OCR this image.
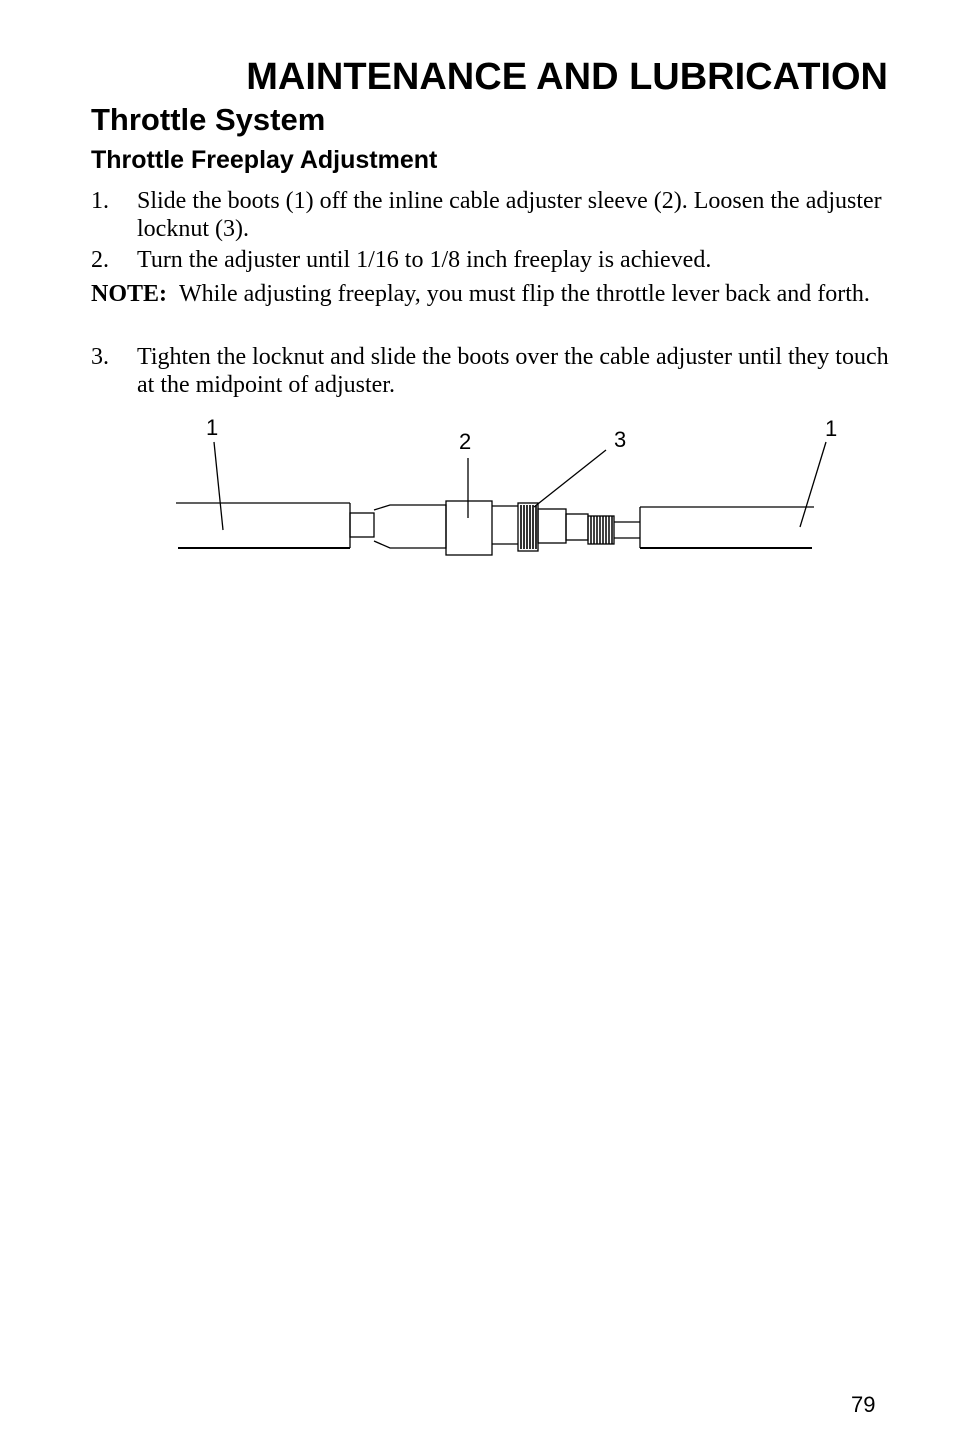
MAINTENANCE AND LUBRICATION
Throttle System
Throttle Freeplay Adjustment
1. Slide the boots (1) off the inline cable adjuster sleeve (2). Loosen the adjuster locknut (3).
2. Turn the adjuster until 1/16 to 1/8 inch freeplay is achieved.
NOTE: While adjusting freeplay, you must flip the throttle lever back and forth.
3. Tighten the locknut and slide the boots over the cable adjuster until they touch at the midpoint of adjuster.
1
2	3	1
79
